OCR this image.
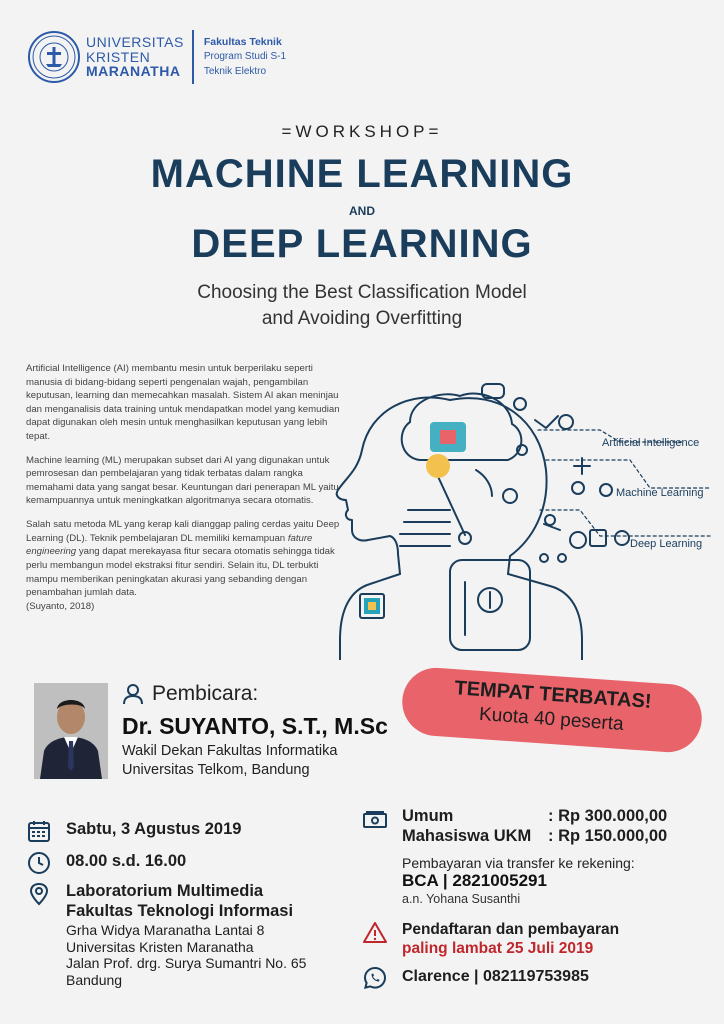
UNIVERSITAS
KRISTEN
MARANATHA
Fakultas Teknik
Program Studi S-1
Teknik Elektro
=WORKSHOP=
MACHINE LEARNING
AND
DEEP LEARNING
Choosing the Best Classification Model
and Avoiding Overfitting

Artificial Intelligence (AI) membantu mesin untuk berperilaku seperti manusia di bidang-bidang seperti pengenalan wajah, pengambilan keputusan, learning dan memecahkan masalah. Sistem AI akan meninjau dan menganalisis data training untuk mendapatkan model yang kemudian dapat digunakan oleh mesin untuk menghasilkan keputusan yang lebih tepat.

Machine learning (ML) merupakan subset dari AI yang digunakan untuk pemrosesan dan pembelajaran yang tidak terbatas dalam rangka memahami data yang sangat besar. Keuntungan dari penerapan ML yaitu kemampuannya untuk meningkatkan algoritmanya secara otomatis.

Salah satu metoda ML yang kerap kali dianggap paling cerdas yaitu Deep Learning (DL). Teknik pembelajaran DL memiliki kemampuan fature engineering yang dapat merekayasa fitur secara otomatis sehingga tidak perlu membangun model ekstraksi fitur sendiri. Selain itu, DL terbukti mampu memberikan peningkatan akurasi yang sebanding dengan penambahan jumlah data.

(Suyanto, 2018)
Artificial Intelligence
Machine Learning
Deep Learning
Pembicara:
Dr. SUYANTO, S.T., M.Sc
Wakil Dekan Fakultas Informatika
Universitas Telkom, Bandung
TEMPAT TERBATAS!
Kuota 40 peserta
Sabtu, 3 Agustus 2019
08.00 s.d. 16.00
Laboratorium Multimedia
Fakultas Teknologi Informasi
Grha Widya Maranatha Lantai 8
Universitas Kristen Maranatha
Jalan Prof. drg. Surya Sumantri No. 65
Bandung
Umum	: Rp 300.000,00
Mahasiswa UKM	: Rp 150.000,00
Pembayaran via transfer ke rekening:
BCA | 2821005291
a.n. Yohana Susanthi
Pendaftaran dan pembayaran
paling lambat 25 Juli 2019
Clarence | 082119753985
